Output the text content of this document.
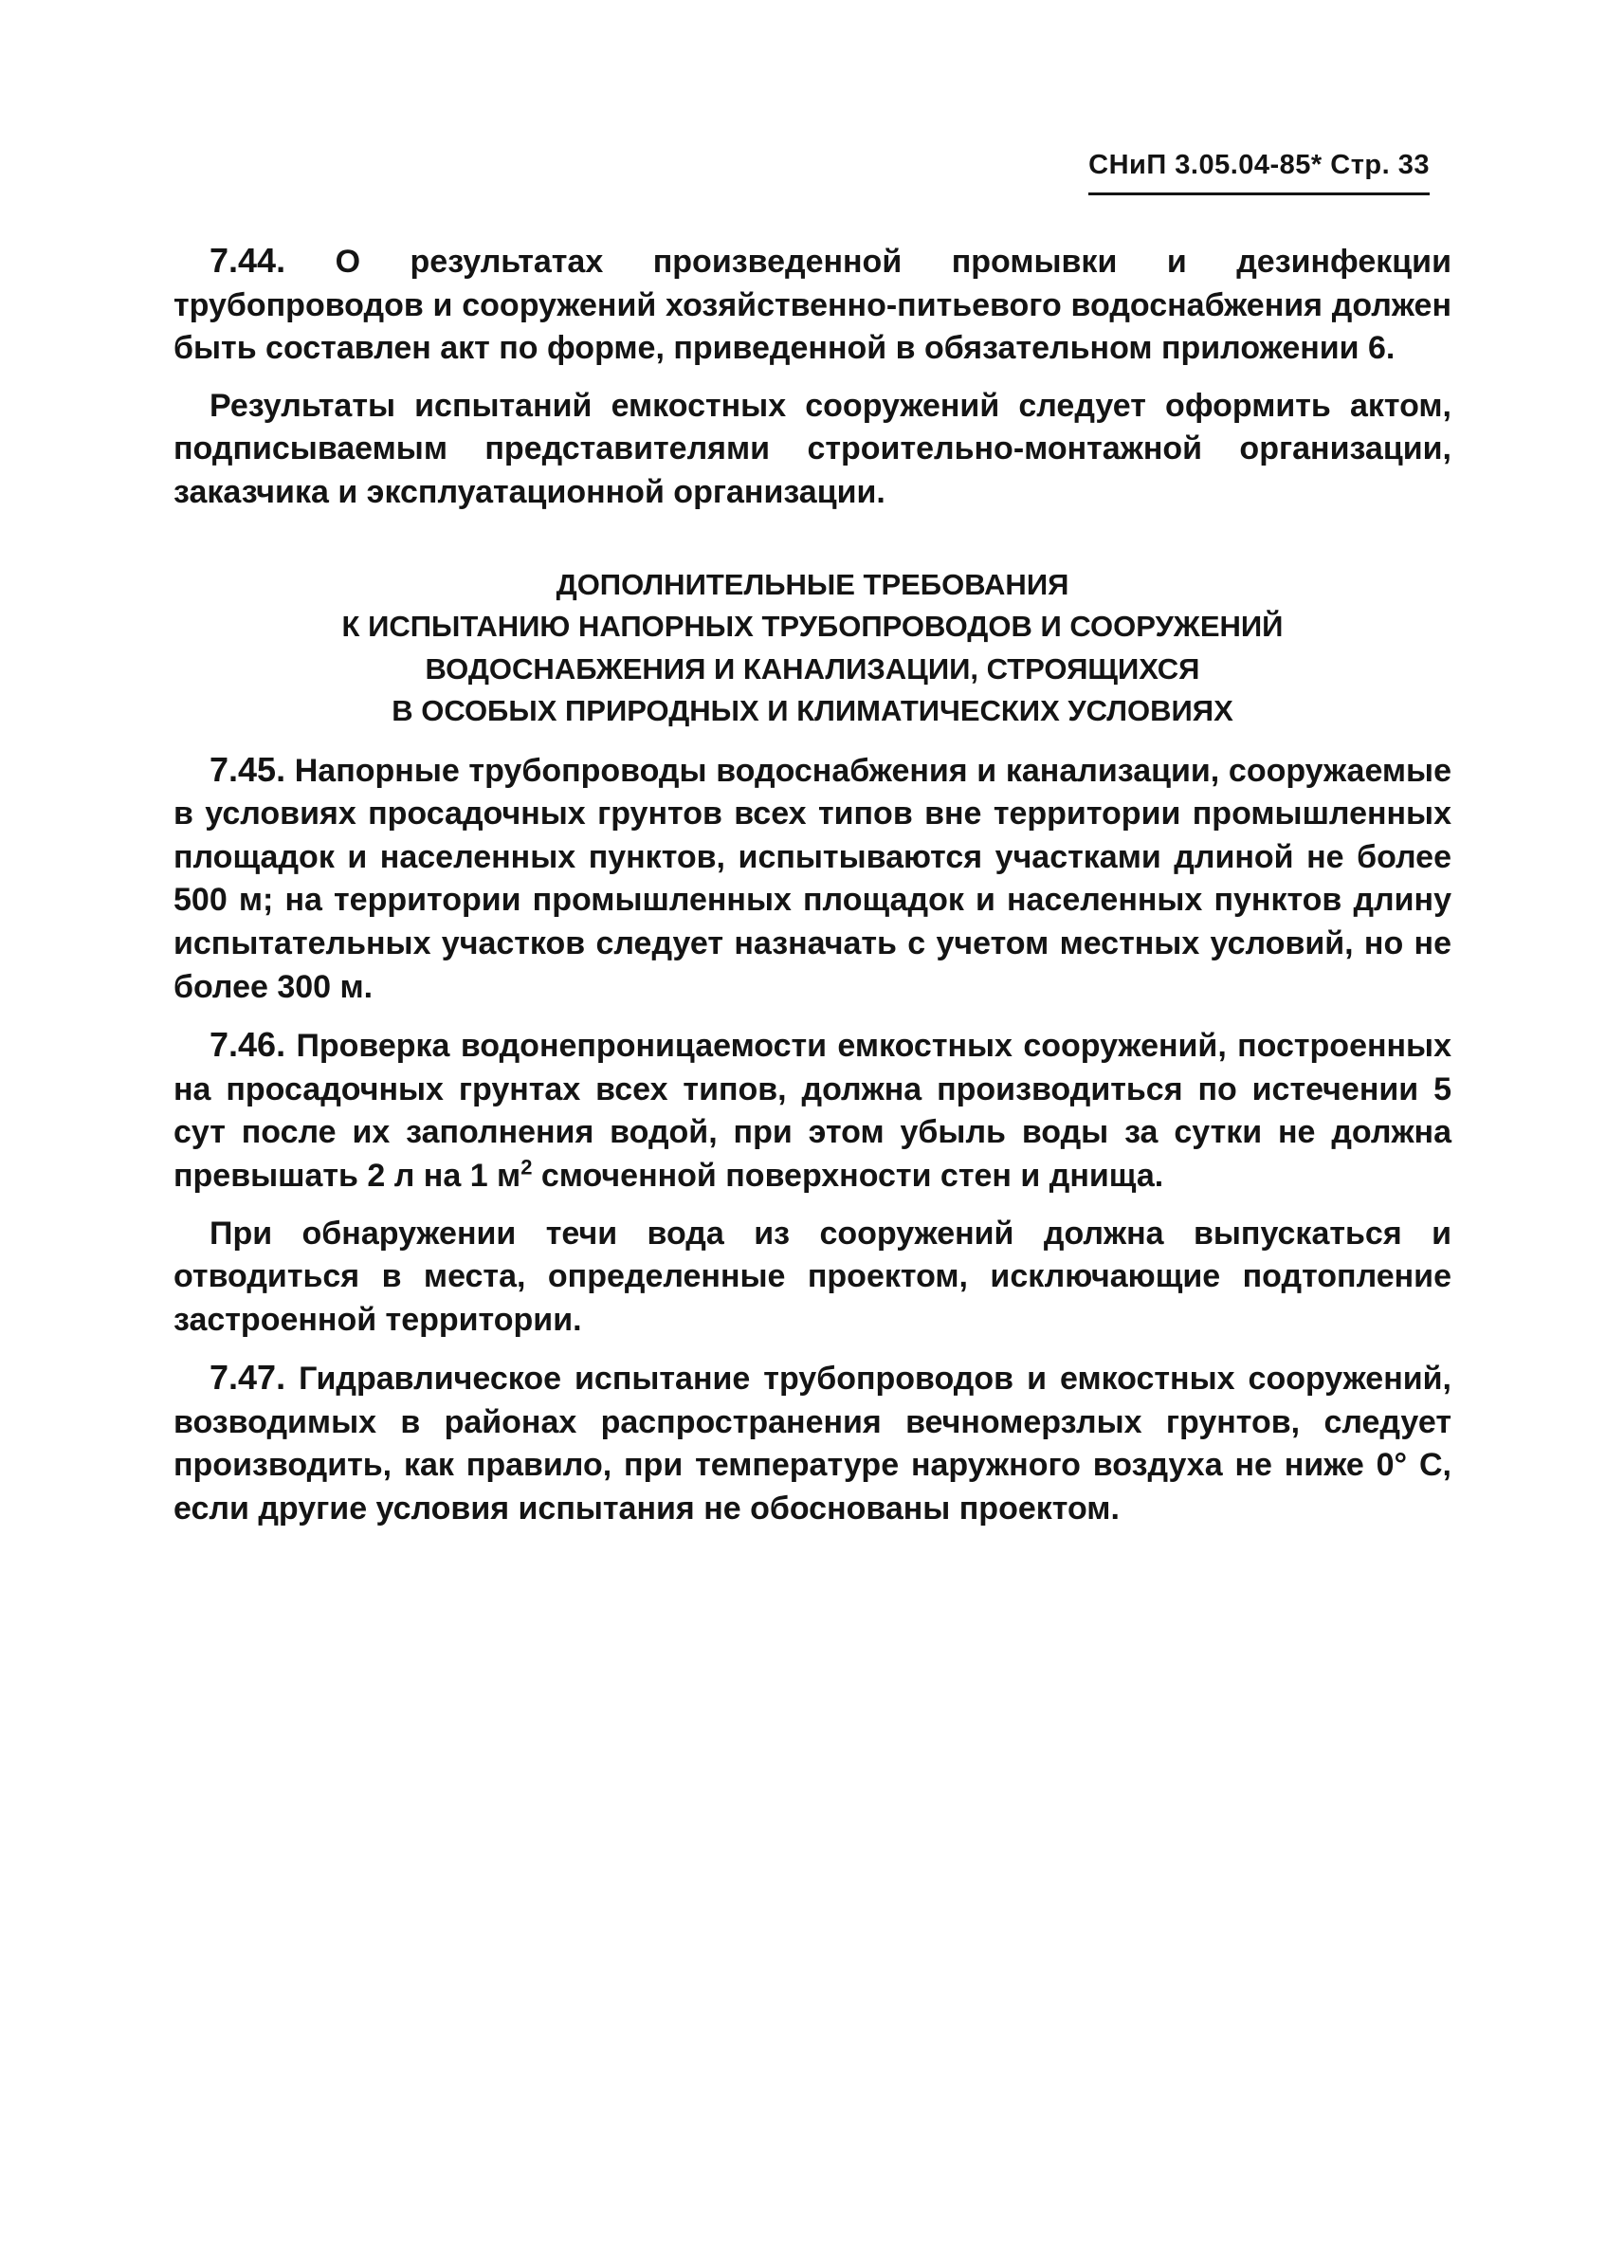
СНиП 3.05.04-85* Стр. 33

7.44. О результатах произведенной промывки и дезинфекции трубопроводов и сооружений хозяйственно-питьевого водоснабжения должен быть составлен акт по форме, приведенной в обязательном приложении 6.

Результаты испытаний емкостных сооружений следует оформить актом, подписываемым представителями строительно-монтажной организации, заказчика и эксплуатационной организации.

ДОПОЛНИТЕЛЬНЫЕ ТРЕБОВАНИЯ
К ИСПЫТАНИЮ НАПОРНЫХ ТРУБОПРОВОДОВ И СООРУЖЕНИЙ
ВОДОСНАБЖЕНИЯ И КАНАЛИЗАЦИИ, СТРОЯЩИХСЯ
В ОСОБЫХ ПРИРОДНЫХ И КЛИМАТИЧЕСКИХ УСЛОВИЯХ

7.45. Напорные трубопроводы водоснабжения и канализации, сооружаемые в условиях просадочных грунтов всех типов вне территории промышленных площадок и населенных пунктов, испытываются участками длиной не более 500 м; на территории промышленных площадок и населенных пунктов длину испытательных участков следует назначать с учетом местных условий, но не более 300 м.

7.46. Проверка водонепроницаемости емкостных сооружений, построенных на просадочных грунтах всех типов, должна производиться по истечении 5 сут после их заполнения водой, при этом убыль воды за сутки не должна превышать 2 л на 1 $м^2$ смоченной поверхности стен и днища.

При обнаружении течи вода из сооружений должна выпускаться и отводиться в места, определенные проектом, исключающие подтопление застроенной территории.

7.47. Гидравлическое испытание трубопроводов и емкостных сооружений, возводимых в районах распространения вечномерзлых грунтов, следует производить, как правило, при температуре наружного воздуха не ниже 0° С, если другие условия испытания не обоснованы проектом.
